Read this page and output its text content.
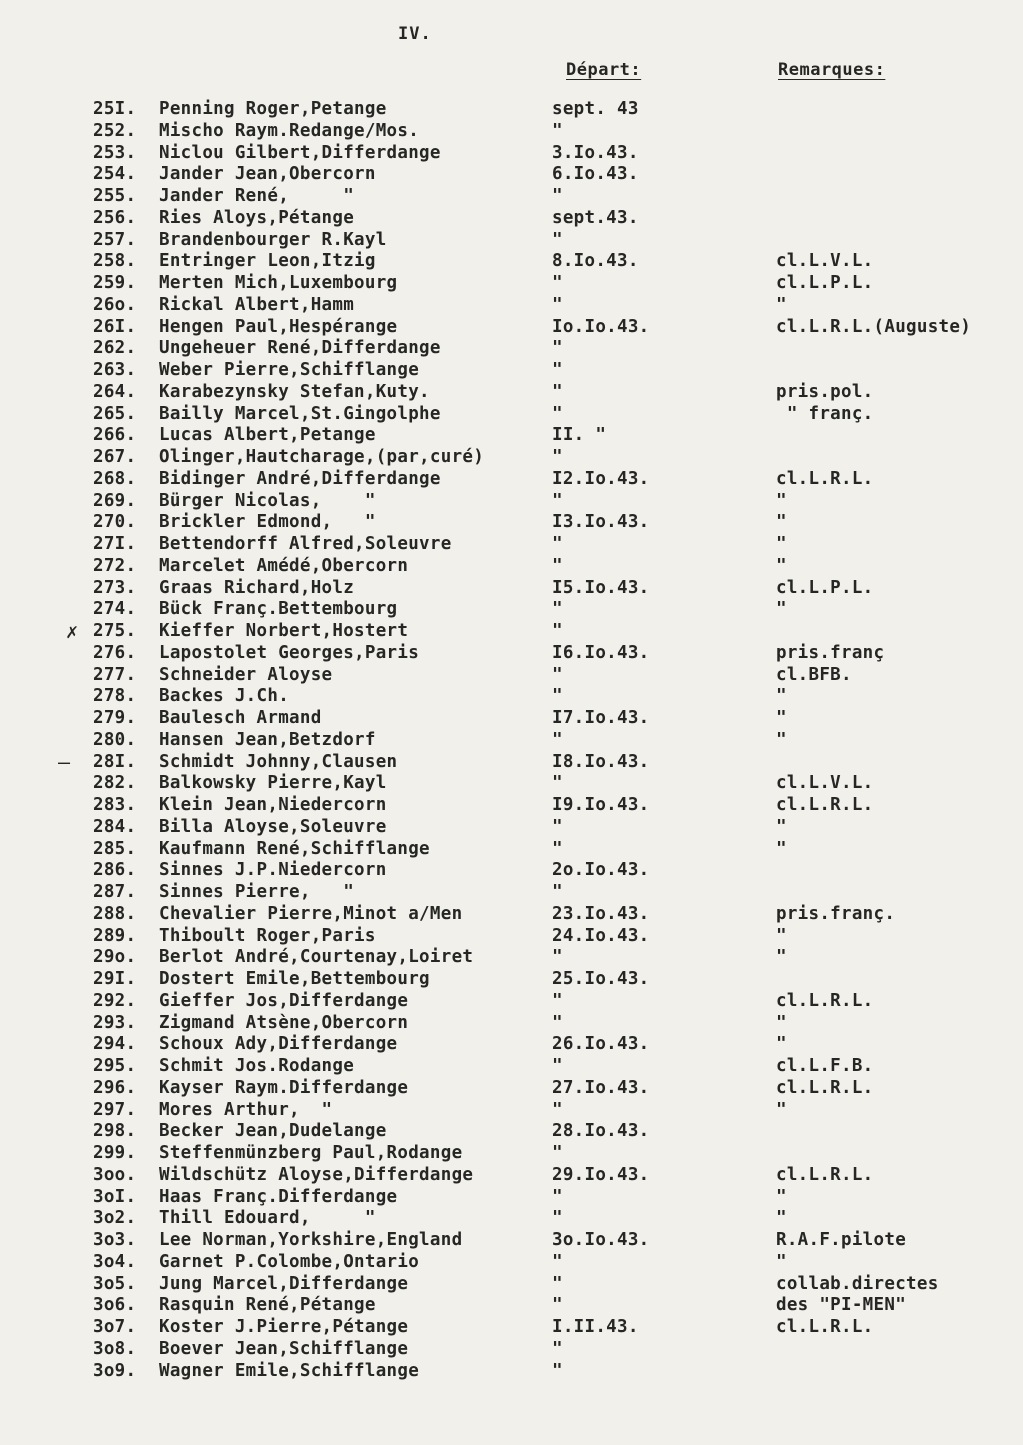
IV.
Départ:	Remarques:
25I. Penning Roger,Petange	sept. 43
252. Mischo Raym.Redange/Mos.	"
253. Niclou Gilbert,Differdange	3.Io.43.
254. Jander Jean,Obercorn	6.Io.43.
255. Jander René,     "	"
256. Ries Aloys,Pétange	sept.43.
257. Brandenbourger R.Kayl	"
258. Entringer Leon,Itzig	8.Io.43.	cl.L.V.L.
259. Merten Mich,Luxembourg	"	cl.L.P.L.
26o. Rickal Albert,Hamm	"	"
26I. Hengen Paul,Hespérange	Io.Io.43.	cl.L.R.L.(Auguste)
262. Ungeheuer René,Differdange	"
263. Weber Pierre,Schifflange	"
264. Karabezynsky Stefan,Kuty.	"	pris.pol.
265. Bailly Marcel,St.Gingolphe	"	" franç.
266. Lucas Albert,Petange	II. "
267. Olinger,Hautcharage,(par,curé)	"
268. Bidinger André,Differdange	I2.Io.43.	cl.L.R.L.
269. Bürger Nicolas,    "	"	"
270. Brickler Edmond,   "	I3.Io.43.	"
27I. Bettendorff Alfred,Soleuvre	"	"
272. Marcelet Amédé,Obercorn	"	"
273. Graas Richard,Holz	I5.Io.43.	cl.L.P.L.
274. Bück Franç.Bettembourg	"	"
275. Kieffer Norbert,Hostert	"
✗
276. Lapostolet Georges,Paris	I6.Io.43.	pris.franç
277. Schneider Aloyse	"	cl.BFB.
278. Backes J.Ch.	"	"
279. Baulesch Armand	I7.Io.43.	"
280. Hansen Jean,Betzdorf	"	"
28I. Schmidt Johnny,Clausen	I8.Io.43.
—
282. Balkowsky Pierre,Kayl	"	cl.L.V.L.
283. Klein Jean,Niedercorn	I9.Io.43.	cl.L.R.L.
284. Billa Aloyse,Soleuvre	"	"
285. Kaufmann René,Schifflange	"	"
286. Sinnes J.P.Niedercorn	2o.Io.43.
287. Sinnes Pierre,   "	"
288. Chevalier Pierre,Minot a/Men	23.Io.43.	pris.franç.
289. Thiboult Roger,Paris	24.Io.43.	"
29o. Berlot André,Courtenay,Loiret	"	"
29I. Dostert Emile,Bettembourg	25.Io.43.
292. Gieffer Jos,Differdange	"	cl.L.R.L.
293. Zigmand Atsène,Obercorn	"	"
294. Schoux Ady,Differdange	26.Io.43.	"
295. Schmit Jos.Rodange	"	cl.L.F.B.
296. Kayser Raym.Differdange	27.Io.43.	cl.L.R.L.
297. Mores Arthur,  "	"	"
298. Becker Jean,Dudelange	28.Io.43.
299. Steffenmünzberg Paul,Rodange	"
3oo. Wildschütz Aloyse,Differdange	29.Io.43.	cl.L.R.L.
3oI. Haas Franç.Differdange	"	"
3o2. Thill Edouard,     "	"	"
3o3. Lee Norman,Yorkshire,England	3o.Io.43.	R.A.F.pilote
3o4. Garnet P.Colombe,Ontario	"	"
3o5. Jung Marcel,Differdange	"	collab.directes
3o6. Rasquin René,Pétange	"	des "PI-MEN"
3o7. Koster J.Pierre,Pétange	I.II.43.	cl.L.R.L.
3o8. Boever Jean,Schifflange	"
3o9. Wagner Emile,Schifflange	"
